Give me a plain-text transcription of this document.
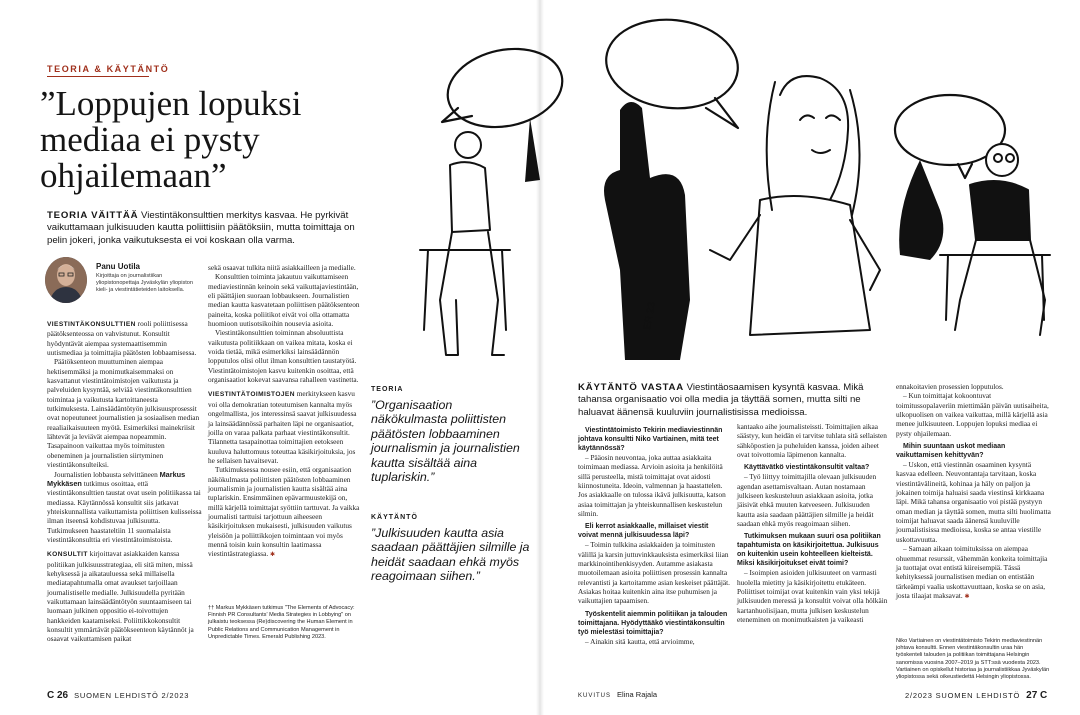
TEORIA & KÄYTÄNTÖ
”Loppujen lopuksi
mediaa ei pysty
ohjailemaan”
TEORIA VÄITTÄÄ Viestintäkonsulttien merkitys kasvaa. He pyrkivät vaikuttamaan julkisuuden kautta poliittisiin päätöksiin, mutta toimittaja on pelin jokeri, jonka vaikutuksesta ei voi koskaan olla varma.
Panu Uotila
Kirjoittaja on journalistiikan yliopistonopettaja Jyväskylän yliopiston kieli- ja viestintätieteiden laitoksella.

VIESTINTÄKONSULTTIEN rooli poliittisessa päätöksenteossa on vahvistunut. Konsultit hyödyntävät aiempaa systemaattisemmin uutismediaa ja toimittajia päätösten lobbaamisessa.

Päätöksenteon muuttuminen aiempaa hektisemmäksi ja monimutkaisemmaksi on kasvattanut viestintätoimistojen vaikutusta ja palveluiden kysyntää, selviää viestintäkonsulttien toimintaa ja vaikutusta kartoittaneesta tutkimuksesta. Lainsäädäntötyön julkisuusprosessit ovat nopeutuneet journalistien ja sosiaalisen median reaaliaikaisuuteen myötä. Esimerkiksi mainekriisit lähtevät ja leviävät aiempaa nopeammin. Tasapainoon vaikuttaa myös toimitusten obeneminen ja journalistien siirtyminen viestintäkonsulteiksi.

Journalistien lobbausta selvittäneen Markus Mykkäsen tutkimus osoittaa, että viestintäkonsulttien taustat ovat usein politiikassa tai mediassa. Käytännössä konsultit siis jatkavat yhteiskunnallista vaikuttamista poliittisen kulisseissa ilman itseensä kohdistuvaa julkisuutta. Tutkimukseen haastateltiin 11 suomalaista viestintäkonsulttia eri viestintätoimistoista.

KONSULTIT kirjoittavat asiakkaiden kanssa politiikan julkisuusstrategiaa, eli sitä miten, missä kehyksessä ja aikatauluessa sekä millaisella mediatapahtumalla omat avaukset tarjoillaan journalistiselle medialle. Julkisuudella pyritään vaikuttamaan lainsäädäntötyön suuntaamiseen tai luomaan julkinen oppositio ei-toivottujen hankkeiden kaatamiseksi. Poliittikkokonsultit konsultit ymmärtävät päätökseenteon käytännöt ja osaavat vaikuttamisen paikat

sekä osaavat tulkita niitä asiakkailleen ja medialle.

Konsulttien toiminta jakautuu vaikuttamiseen mediaviestinnän keinoin sekä vaikuttajaviestintään, eli päättäjien suoraan lobbaukseen. Journalistien median kautta kasvatetaan poliittisen päätöksenteon paineita, koska poliitikot eivät voi olla ottamatta huomioon uutisotsikoihin nousevia asioita.

Viestintäkonsulttien toiminnan absoluuttista vaikutusta politiikkaan on vaikea mitata, koska ei voida tietää, mikä esimerkiksi lainsäädännön lopputulos olisi ollut ilman konsulttien taustatyötä. Viestintätoimistojen kasvu kuitenkin osoittaa, että organisaatiot kokevat saavansa rahalleen vastinetta.

VIESTINTÄTOIMISTOJEN merkitykseen kasvu voi olla demokratian toteutumisen kannalta myös ongelmallista, jos interessinsä saavat julkisuudessa ja lainsäädännössä parhaiten läpi ne organisaatiot, joilla on varaa palkata parhaat viestintäkonsultit. Tilannetta tasapainottaa toimittajien eetokseen kuuluva haluttomuus toteuttaa käsikirjoituksia, jos he sellaisen havaitsevat.

Tutkimuksessa nousee esiin, että organisaation näkökulmasta poliittisten päätösten lobbaaminen journalismin ja journalistien kautta sisältää aina tuplariskin. Ensimmäinen epävarmuustekijä on, millä kärjellä toimittajat syöttiin tarttuvat. Ja vaikka journalisti tarttuisi tarjottuun aiheeseen käsikirjoituksen mukaisesti, julkisuuden vaikutus yleisöön ja poliittikkojen toimintaan voi myös mennä toisin kuin konsultin laatimassa viestintästrategiassa. ✱

†† Markus Mykkäsen tutkimus "The Elements of Advocacy: Finnish PR Consultants' Media Strategies in Lobbying" on julkaistu teoksessa (Re)discovering the Human Element in Public Relations and Communication Management in Unpredictable Times. Emerald Publishing 2023.
TEORIA
”Organisaation näkökulmasta poliittisten päätösten lobbaaminen journalismin ja journalistien kautta sisältää aina tuplariskin.”
KÄYTÄNTÖ
”Julkisuuden kautta asia saadaan päättäjien silmille ja heidät saadaan ehkä myös reagoimaan siihen.”
C 26 SUOMEN LEHDISTÖ 2/2023
ER 23
KÄYTÄNTÖ VASTAA Viestintäosaamisen kysyntä kasvaa. Mikä tahansa organisaatio voi olla media ja täyttää somen, mutta silti ne haluavat äänensä kuuluviin journalistisissa medioissa.

Viestintätoimisto Tekirin mediaviestinnän johtava konsultti Niko Vartiainen, mitä teet käytännössä?

– Pääosin neuvontaa, joka auttaa asiakkaita toimimaan mediassa. Arvioin asioita ja henkilöitä sillä perusteella, mistä toimittajat ovat aidosti kiinnostuneita. Ideoin, valmennan ja haastattelen. Jos asiakkaalle on tulossa ikävä julkisuutta, katson asiaa toimittajan ja yhteiskunnallisen keskustelun silmin.

Eli kerrot asiakkaalle, millaiset viestit voivat mennä julkisuudessa läpi?

– Toimin tulkkina asiakkaiden ja toimitusten välillä ja karsin juttuvinkkauksista esimerkiksi liian markkinointihenkisyyden. Autamme asiakasta muotoilemaan asioita poliittisen prosessin kannalta relevantisti ja kartoitamme asian keskeiset päättäjät. Asiakas hoitaa kuitenkin aina itse puhumisen ja vaikuttajien tapaamisen.

Työskentelit aiemmin politiikan ja talouden toimittajana. Hyödyttääkö viestintäkonsultin työ mielestäsi toimittajia?

– Ainakin sitä kautta, että arvioimme,

kantaako aihe journalisteissti. Toimittajien aikaa säästyy, kun heidän ei tarvitse tuhlata sitä sellaisten sähköpostien ja puheluiden kanssa, joiden aiheet ovat toivottomia läpimenon kannalta.

Käyttävätkö viestintäkonsultit valtaa?

– Työ liittyy toimittajilla olevaan julkisuuden agendan asettamisvaltaan. Autan nostamaan julkiseen keskusteluun asiakkaan asioita, jotka jäisivät ehkä muuten katveeseen. Julkisuuden kautta asia saadaan päättäjien silmille ja heidät saadaan ehkä myös reagoimaan siihen.

Tutkimuksen mukaan suuri osa politiikan tapahtumista on käsikirjoitettua. Julkisuus on kuitenkin usein kohteelleen kielteistä. Miksi käsikirjoitukset eivät toimi?

– Isoimpien asioiden julkisuuteet on varmasti huolella mietitty ja käsikirjoitettu etukäteen. Poliittiset toimijat ovat kuitenkin vain yksi tekijä julkisuuden meressä ja konsultit voivat olla hölkäin kartanhuolisijaan, mutta julkisen keskustelun eteneminen on monimutkaisten ja vaikeasti

ennakoitavien prosessien lopputulos.

– Kun toimittajat kokoontuvat toimitussopalaveriin miettimään päivän uutisaiheita, ulkopuolisen on vaikea vaikuttaa, millä kärjellä asia menee julkisuuteen. Loppujen lopuksi mediaa ei pysty ohjailemaan.

Mihin suuntaan uskot mediaan vaikuttamisen kehittyvän?

– Uskon, että viestinnän osaaminen kysyntä kasvaa edelleen. Neuvontantaja tarvitaan, koska viestintävälineitä, kohinaa ja häly on paljon ja jokainen toimija haluaisi saada viestinsä kirkkaana läpi. Mikä tahansa organisaatio voi pistää pystyyn oman median ja täyttää somen, mutta silti huolimatta toimijat haluavat saada äänensä kuuluville journalistisissa medioissa, koska se antaa viestille uskottavuutta.

– Samaan aikaan toimituksissa on aiempaa ohuemmat resurssit, vähemmän konkeita toimittajia ja tuottajat ovat entistä kiireisempiä. Tässä kehityksessä journalistisen median on entistään tärkeämpi vaalia uskottavuuttaan, koska se on asia, josta tilaajat maksavat. ✱

Niko Vartiainen on viestintätoimisto Tekirin mediaviestinnän johtava konsultti. Ennen viestintäkonsultin uraa hän työskenteli talouden ja politiikan toimittajana Helsingin sanomissa vuosina 2007–2019 ja STT:ssä vuodesta 2023. Vartiainen on opiskellut historiaa ja journalistiikkaa Jyväskylän yliopistossa sekä oikeustiedettä Helsingin yliopistossa.
KUVITUS Elina Rajala	2/2023 SUOMEN LEHDISTÖ 27 C
